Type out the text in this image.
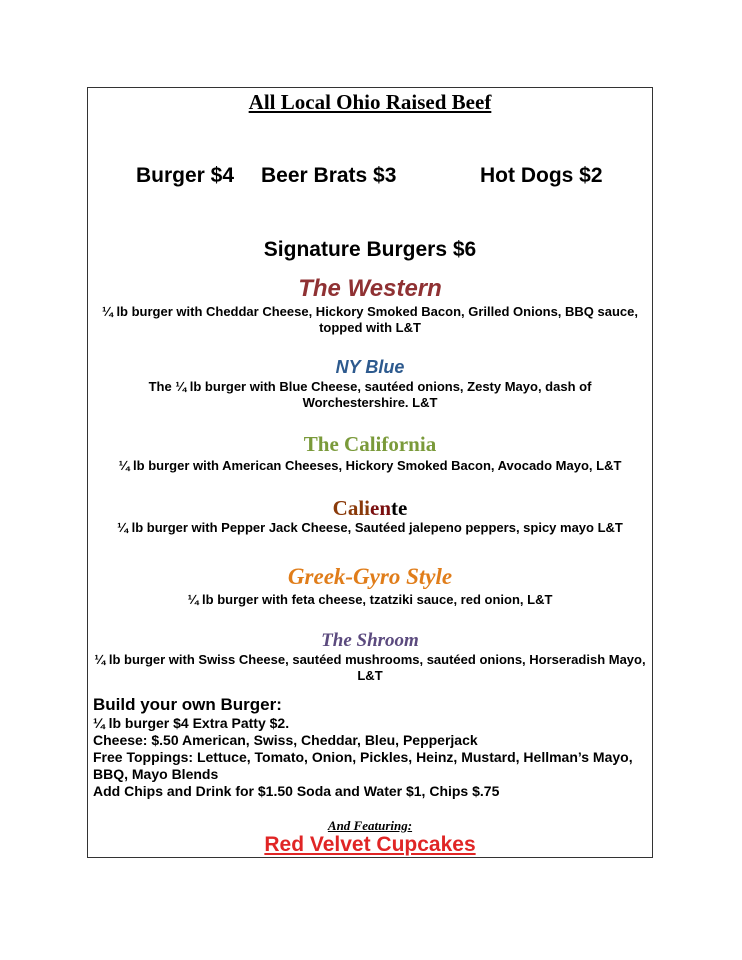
All Local Ohio Raised Beef
Burger $4 Beer Brats $3	Hot Dogs $2
Signature Burgers $6
The Western
¼ lb burger with Cheddar Cheese, Hickory Smoked Bacon, Grilled Onions, BBQ sauce, topped with L&T
NY Blue
The ¼ lb burger with Blue Cheese, sautéed onions, Zesty Mayo, dash of Worchestershire. L&T
The California
¼ lb burger with American Cheeses, Hickory Smoked Bacon, Avocado Mayo, L&T
Caliente
¼ lb burger with Pepper Jack Cheese, Sautéed jalepeno peppers, spicy mayo L&T
Greek-Gyro Style
¼ lb burger with feta cheese, tzatziki sauce, red onion, L&T
The Shroom
¼ lb burger with Swiss Cheese, sautéed mushrooms, sautéed onions, Horseradish Mayo, L&T
Build your own Burger:
¼ lb burger $4 Extra Patty $2.
Cheese: $.50 American, Swiss, Cheddar, Bleu, Pepperjack
Free Toppings: Lettuce, Tomato, Onion, Pickles, Heinz, Mustard, Hellman’s Mayo, BBQ, Mayo Blends
Add Chips and Drink for $1.50 Soda and Water $1, Chips $.75
And Featuring:
Red Velvet Cupcakes
